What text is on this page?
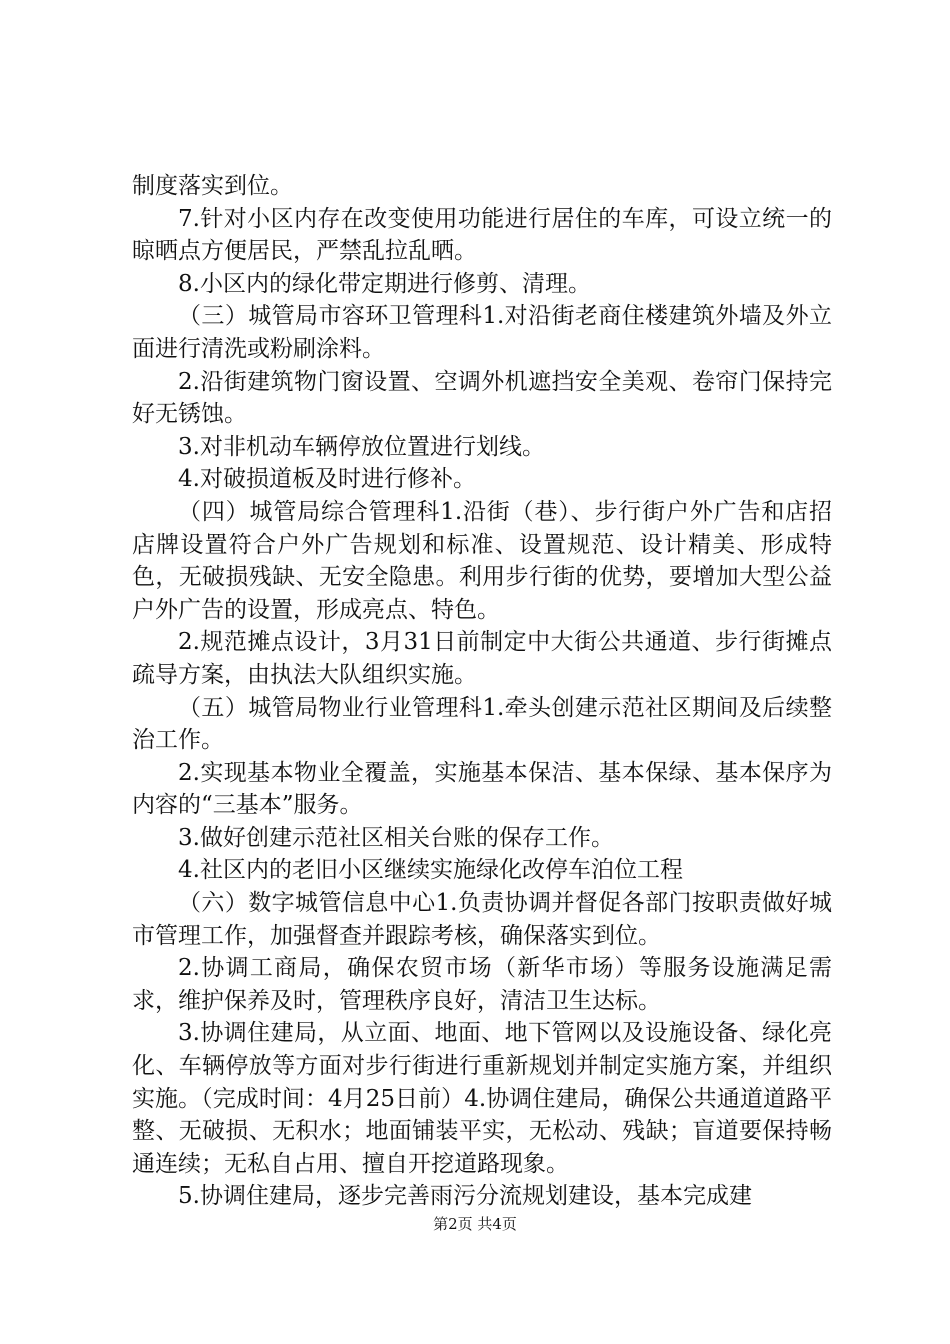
制度落实到位。

7.针对小区内存在改变使用功能进行居住的车库，可设立统一的晾晒点方便居民，严禁乱拉乱晒。

8.小区内的绿化带定期进行修剪、清理。

（三）城管局市容环卫管理科1.对沿街老商住楼建筑外墙及外立面进行清洗或粉刷涂料。

2.沿街建筑物门窗设置、空调外机遮挡安全美观、卷帘门保持完好无锈蚀。

3.对非机动车辆停放位置进行划线。

4.对破损道板及时进行修补。

（四）城管局综合管理科1.沿街（巷）、步行街户外广告和店招店牌设置符合户外广告规划和标准、设置规范、设计精美、形成特色，无破损残缺、无安全隐患。利用步行街的优势，要增加大型公益户外广告的设置，形成亮点、特色。

2.规范摊点设计，3月31日前制定中大街公共通道、步行街摊点疏导方案，由执法大队组织实施。

（五）城管局物业行业管理科1.牵头创建示范社区期间及后续整治工作。

2.实现基本物业全覆盖，实施基本保洁、基本保绿、基本保序为内容的“三基本”服务。

3.做好创建示范社区相关台账的保存工作。

4.社区内的老旧小区继续实施绿化改停车泊位工程

（六）数字城管信息中心1.负责协调并督促各部门按职责做好城市管理工作，加强督查并跟踪考核，确保落实到位。

2.协调工商局，确保农贸市场（新华市场）等服务设施满足需求，维护保养及时，管理秩序良好，清洁卫生达标。

3.协调住建局，从立面、地面、地下管网以及设施设备、绿化亮化、车辆停放等方面对步行街进行重新规划并制定实施方案，并组织实施。（完成时间：4月25日前）4.协调住建局，确保公共通道道路平整、无破损、无积水；地面铺装平实，无松动、残缺；盲道要保持畅通连续；无私自占用、擅自开挖道路现象。

5.协调住建局，逐步完善雨污分流规划建设，基本完成建

第2页 共4页
